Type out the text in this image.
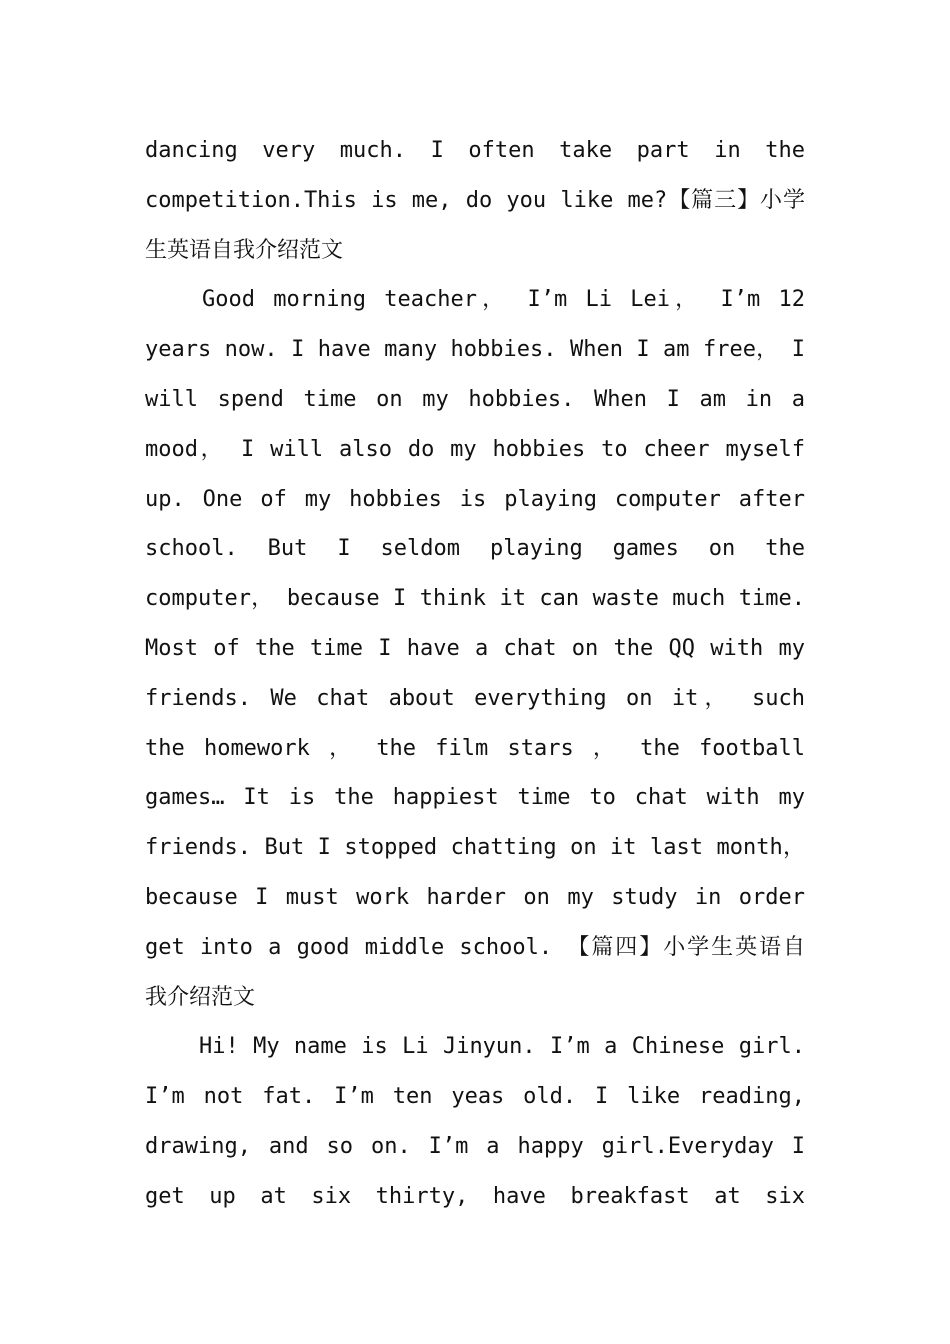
dancing very much. I often take part in the
competition.This is me, do you like me?【篇三】小学
生英语自我介绍范文
Good morning teacher， I’m Li Lei， I’m 12
years now. I have many hobbies. When I am free， I
will spend time on my hobbies. When I am in a
mood， I will also do my hobbies to cheer myself
up. One of my hobbies is playing computer after
school. But I seldom playing games on the
computer， because I think it can waste much time.
Most of the time I have a chat on the QQ with my
friends. We chat about everything on it， such
the homework ， the film stars ， the football
games… It is the happiest time to chat with my
friends. But I stopped chatting on it last month，
because I must work harder on my study in order
get into a good middle school. 【篇四】小学生英语自
我介绍范文
Hi! My name is Li Jinyun. I’m a Chinese girl.
I’m not fat. I’m ten yeas old. I like reading,
drawing, and so on. I’m a happy girl.Everyday I
get up at six thirty, have breakfast at six
